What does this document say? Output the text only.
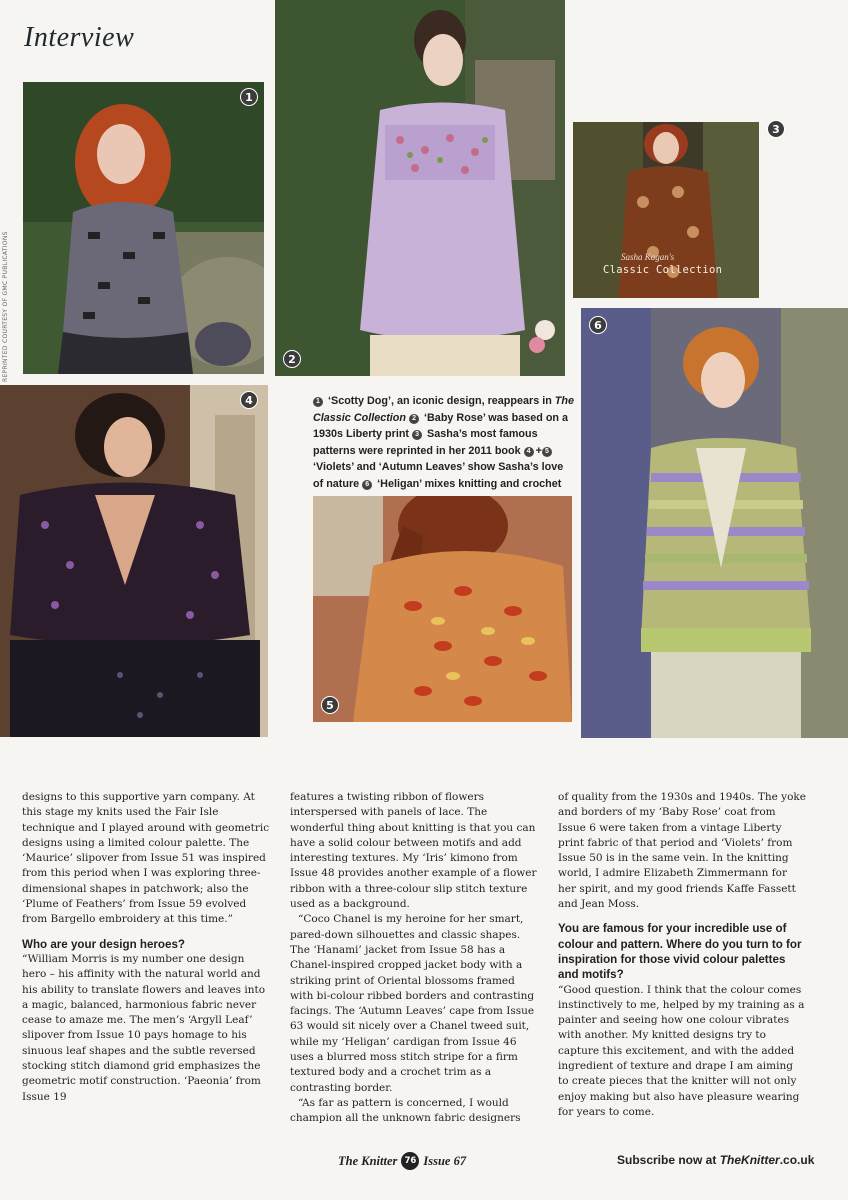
Interview
REPRINTED COURTESY OF GMC PUBLICATIONS
1
2
Sasha Kagan's
Classic Collection
3
4
5
6
1 ‘Scotty Dog’, an iconic design, reappears in The Classic Collection 2 ‘Baby Rose’ was based on a 1930s Liberty print 3 Sasha’s most famous patterns were reprinted in her 2011 book 4 + 5 ‘Violets’ and ‘Autumn Leaves’ show Sasha’s love of nature 6 ‘Heligan’ mixes knitting and crochet

designs to this supportive yarn company. At this stage my knits used the Fair Isle technique and I played around with geometric designs using a limited colour palette. The ‘Maurice’ slipover from Issue 51 was inspired from this period when I was exploring three-dimensional shapes in patchwork; also the ‘Plume of Feathers’ from Issue 59 evolved from Bargello embroidery at this time.”

Who are your design heroes?

“William Morris is my number one design hero – his affinity with the natural world and his ability to translate flowers and leaves into a magic, balanced, harmonious fabric never cease to amaze me. The men’s ‘Argyll Leaf’ slipover from Issue 10 pays homage to his sinuous leaf shapes and the subtle reversed stocking stitch diamond grid emphasizes the geometric motif construction. ‘Paeonia’ from Issue 19

features a twisting ribbon of flowers interspersed with panels of lace. The wonderful thing about knitting is that you can have a solid colour between motifs and add interesting textures. My ‘Iris’ kimono from Issue 48 provides another example of a flower ribbon with a three-colour slip stitch texture used as a background.

“Coco Chanel is my heroine for her smart, pared-down silhouettes and classic shapes. The ‘Hanami’ jacket from Issue 58 has a Chanel-inspired cropped jacket body with a striking print of Oriental blossoms framed with bi-colour ribbed borders and contrasting facings. The ‘Autumn Leaves’ cape from Issue 63 would sit nicely over a Chanel tweed suit, while my ‘Heligan’ cardigan from Issue 46 uses a blurred moss stitch stripe for a firm textured body and a crochet trim as a contrasting border.

“As far as pattern is concerned, I would champion all the unknown fabric designers

of quality from the 1930s and 1940s. The yoke and borders of my ‘Baby Rose’ coat from Issue 6 were taken from a vintage Liberty print fabric of that period and ‘Violets’ from Issue 50 is in the same vein. In the knitting world, I admire Elizabeth Zimmermann for her spirit, and my good friends Kaffe Fassett and Jean Moss.

You are famous for your incredible use of colour and pattern. Where do you turn to for inspiration for those vivid colour palettes and motifs?

“Good question. I think that the colour comes instinctively to me, helped by my training as a painter and seeing how one colour vibrates with another. My knitted designs try to capture this excitement, and with the added ingredient of texture and drape I am aiming to create pieces that the knitter will not only enjoy making but also have pleasure wearing for years to come.

The Knitter 76 Issue 67	Subscribe now at TheKnitter.co.uk
